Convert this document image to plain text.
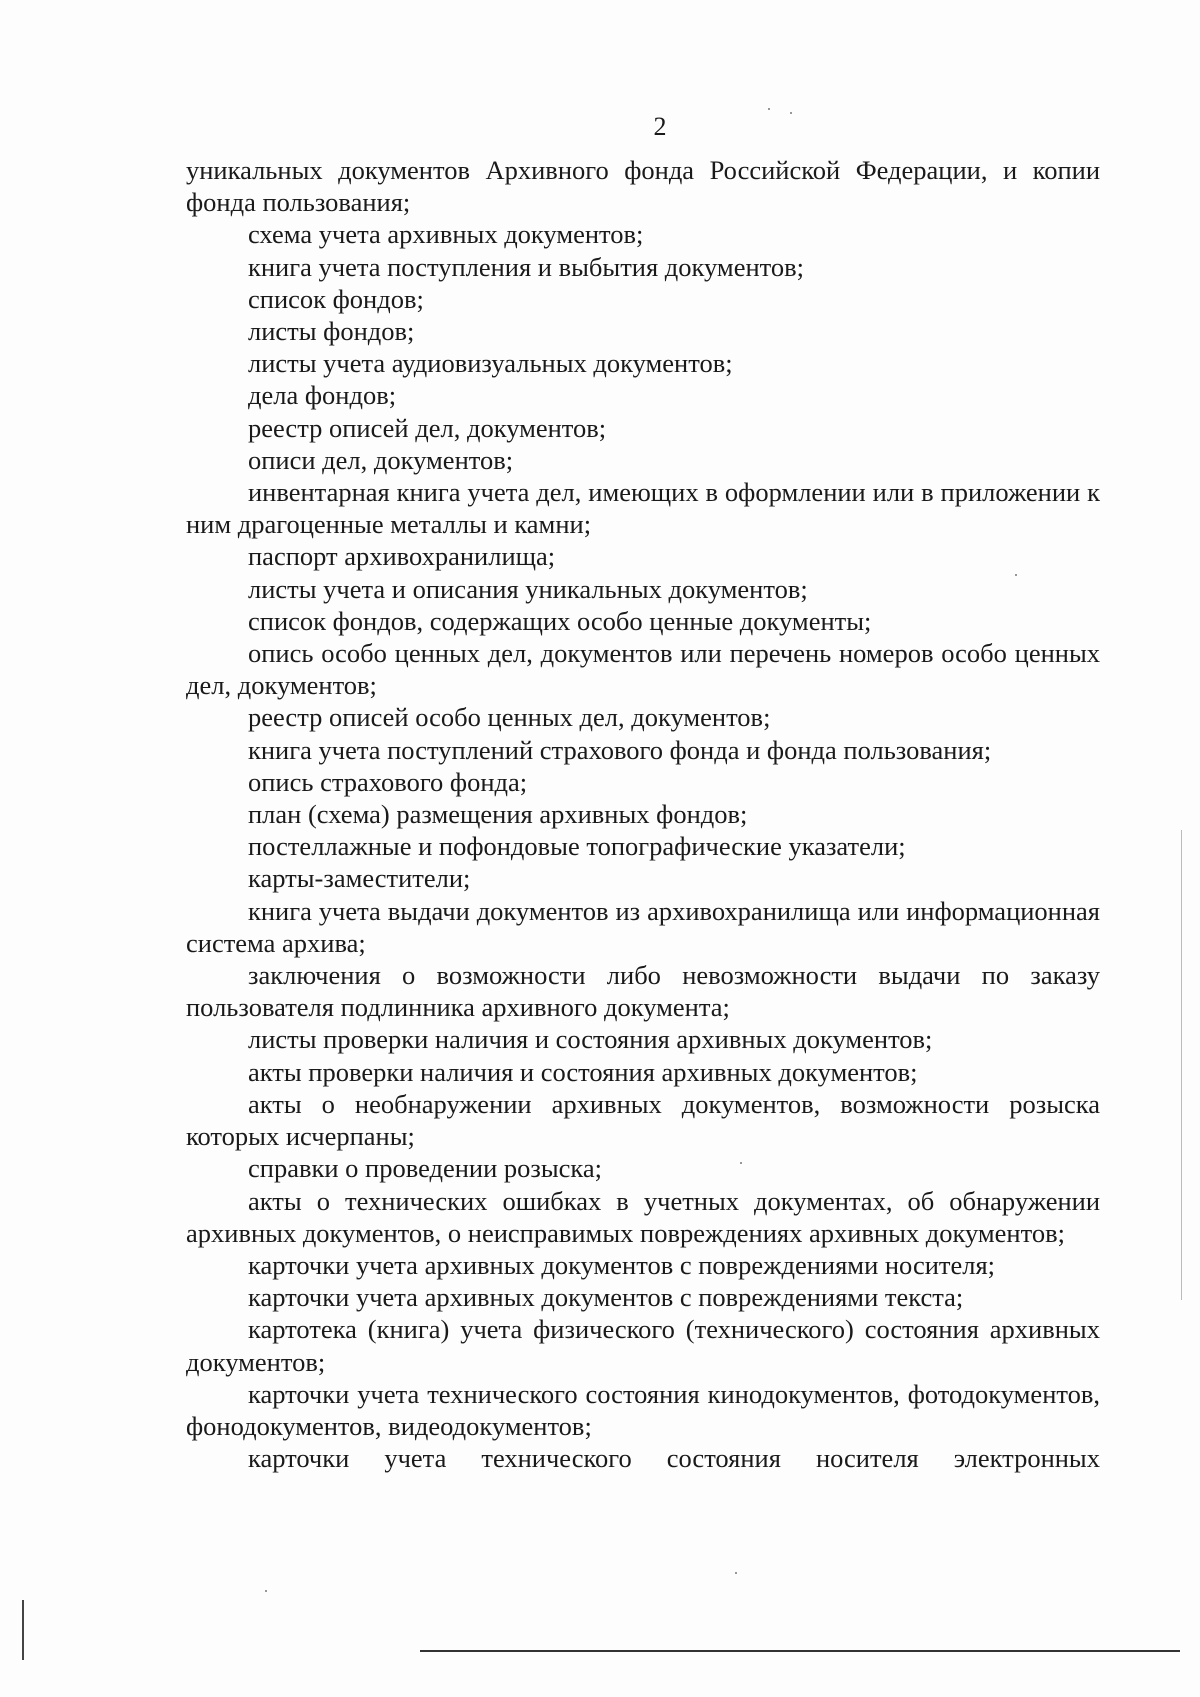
2

уникальных документов Архивного фонда Российской Федерации, и копии фонда пользования;

схема учета архивных документов;

книга учета поступления и выбытия документов;

список фондов;

листы фондов;

листы учета аудиовизуальных документов;

дела фондов;

реестр описей дел, документов;

описи дел, документов;

инвентарная книга учета дел, имеющих в оформлении или в приложении к ним драгоценные металлы и камни;

паспорт архивохранилища;

листы учета и описания уникальных документов;

список фондов, содержащих особо ценные документы;

опись особо ценных дел, документов или перечень номеров особо ценных дел, документов;

реестр описей особо ценных дел, документов;

книга учета поступлений страхового фонда и фонда пользования;

опись страхового фонда;

план (схема) размещения архивных фондов;

постеллажные и пофондовые топографические указатели;

карты-заместители;

книга учета выдачи документов из архивохранилища или информационная система архива;

заключения о возможности либо невозможности выдачи по заказу пользователя подлинника архивного документа;

листы проверки наличия и состояния архивных документов;

акты проверки наличия и состояния архивных документов;

акты о необнаружении архивных документов, возможности розыска которых исчерпаны;

справки о проведении розыска;

акты о технических ошибках в учетных документах, об обнаружении архивных документов, о неисправимых повреждениях архивных документов;

карточки учета архивных документов с повреждениями носителя;

карточки учета архивных документов с повреждениями текста;

картотека (книга) учета физического (технического) состояния архивных документов;

карточки учета технического состояния кинодокументов, фотодокументов, фонодокументов, видеодокументов;

карточки учета технического состояния носителя электронных
